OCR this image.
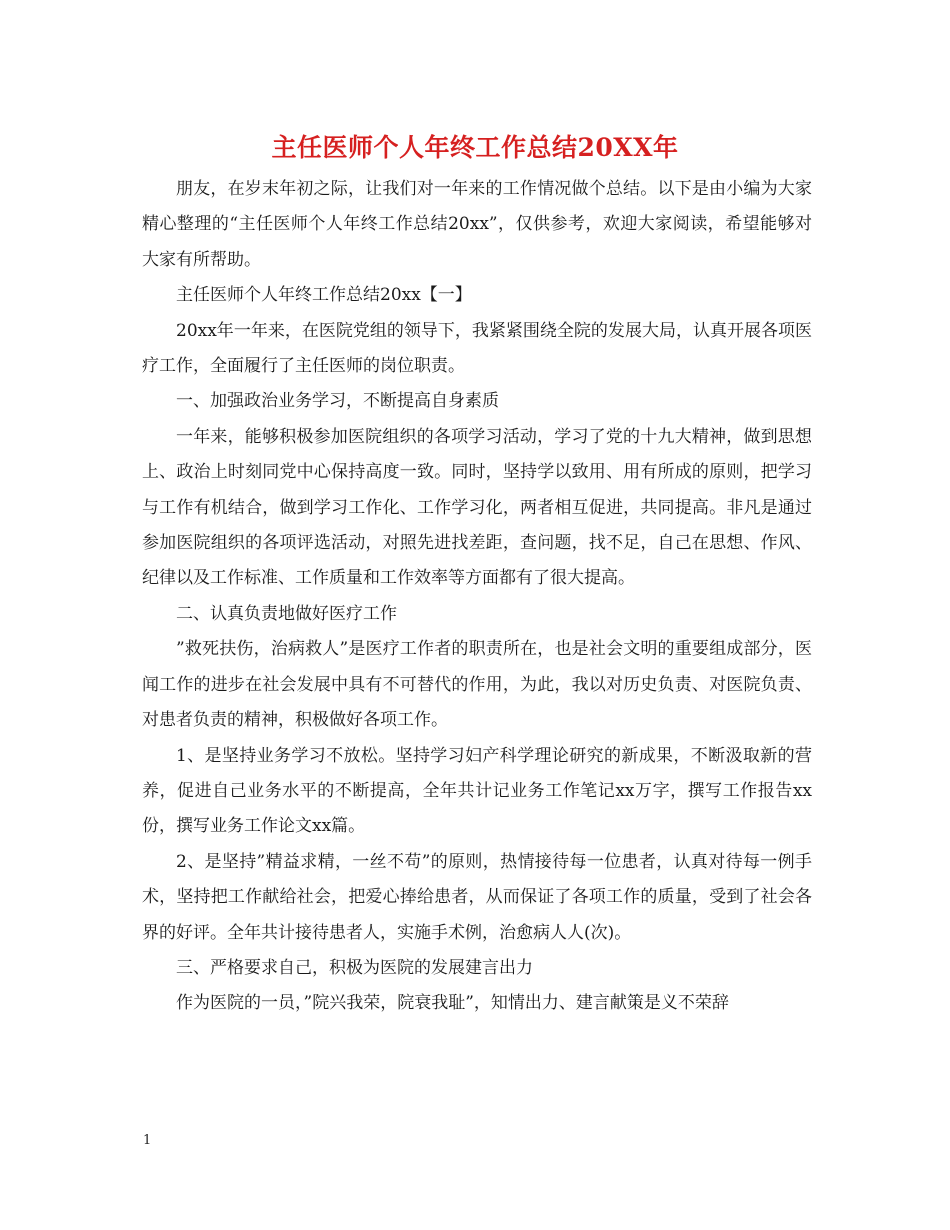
主任医师个人年终工作总结20XX年

朋友，在岁末年初之际，让我们对一年来的工作情况做个总结。以下是由小编为大家精心整理的“主任医师个人年终工作总结20xx”，仅供参考，欢迎大家阅读，希望能够对大家有所帮助。

主任医师个人年终工作总结20xx【一】

20xx年一年来，在医院党组的领导下，我紧紧围绕全院的发展大局，认真开展各项医疗工作，全面履行了主任医师的岗位职责。

一、加强政治业务学习，不断提高自身素质

一年来，能够积极参加医院组织的各项学习活动，学习了党的十九大精神，做到思想上、政治上时刻同党中心保持高度一致。同时，坚持学以致用、用有所成的原则，把学习与工作有机结合，做到学习工作化、工作学习化，两者相互促进，共同提高。非凡是通过参加医院组织的各项评选活动，对照先进找差距，查问题，找不足，自己在思想、作风、纪律以及工作标准、工作质量和工作效率等方面都有了很大提高。

二、认真负责地做好医疗工作

”救死扶伤，治病救人”是医疗工作者的职责所在，也是社会文明的重要组成部分，医闻工作的进步在社会发展中具有不可替代的作用，为此，我以对历史负责、对医院负责、对患者负责的精神，积极做好各项工作。

1、是坚持业务学习不放松。坚持学习妇产科学理论研究的新成果，不断汲取新的营养，促进自己业务水平的不断提高，全年共计记业务工作笔记xx万字，撰写工作报告xx份，撰写业务工作论文xx篇。

2、是坚持”精益求精，一丝不苟”的原则，热情接待每一位患者，认真对待每一例手术，坚持把工作献给社会，把爱心捧给患者，从而保证了各项工作的质量，受到了社会各界的好评。全年共计接待患者人，实施手术例，治愈病人人(次)。

三、严格要求自己，积极为医院的发展建言出力

作为医院的一员，”院兴我荣，院衰我耻”，知情出力、建言献策是义不荣辞

1
